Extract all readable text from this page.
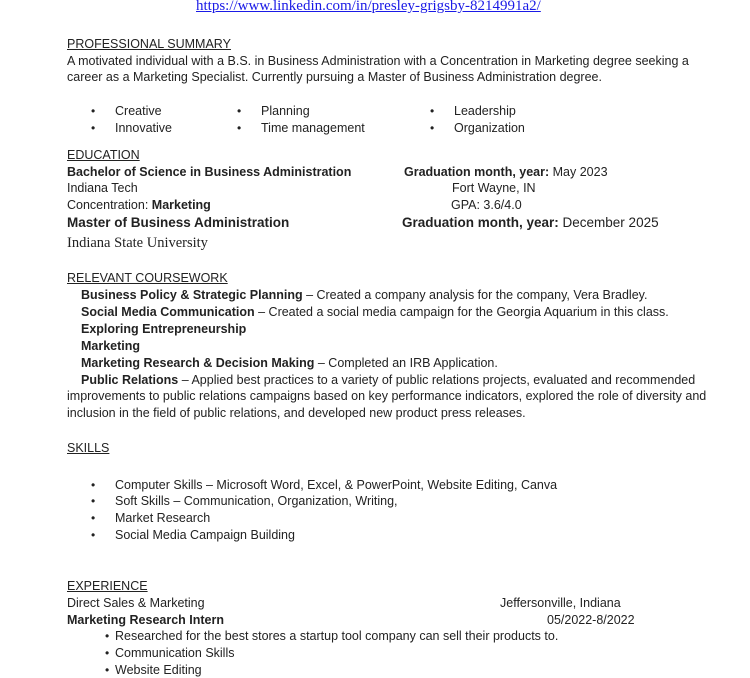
https://www.linkedin.com/in/presley-grigsby-8214991a2/
PROFESSIONAL SUMMARY
A motivated individual with a B.S. in Business Administration with a Concentration in Marketing degree seeking a
career as a Marketing Specialist. Currently pursuing a Master of Business Administration degree.
• Creative
• Innovative
• Planning
• Time management
• Leadership
• Organization
EDUCATION
Bachelor of Science in Business Administration	Graduation month, year: May 2023
Indiana Tech	Fort Wayne, IN
Concentration: Marketing	GPA: 3.6/4.0
Master of Business Administration	Graduation month, year: December 2025
Indiana State University
RELEVANT COURSEWORK
Business Policy & Strategic Planning – Created a company analysis for the company, Vera Bradley.
Social Media Communication – Created a social media campaign for the Georgia Aquarium in this class.
Exploring Entrepreneurship
Marketing
Marketing Research & Decision Making – Completed an IRB Application.
Public Relations – Applied best practices to a variety of public relations projects, evaluated and recommended
improvements to public relations campaigns based on key performance indicators, explored the role of diversity and
inclusion in the field of public relations, and developed new product press releases.
SKILLS
• Computer Skills – Microsoft Word, Excel, & PowerPoint, Website Editing, Canva
• Soft Skills – Communication, Organization, Writing,
• Market Research
• Social Media Campaign Building
EXPERIENCE
Direct Sales & Marketing	Jeffersonville, Indiana
Marketing Research Intern	05/2022-8/2022
• Researched for the best stores a startup tool company can sell their products to.
• Communication Skills
• Website Editing
